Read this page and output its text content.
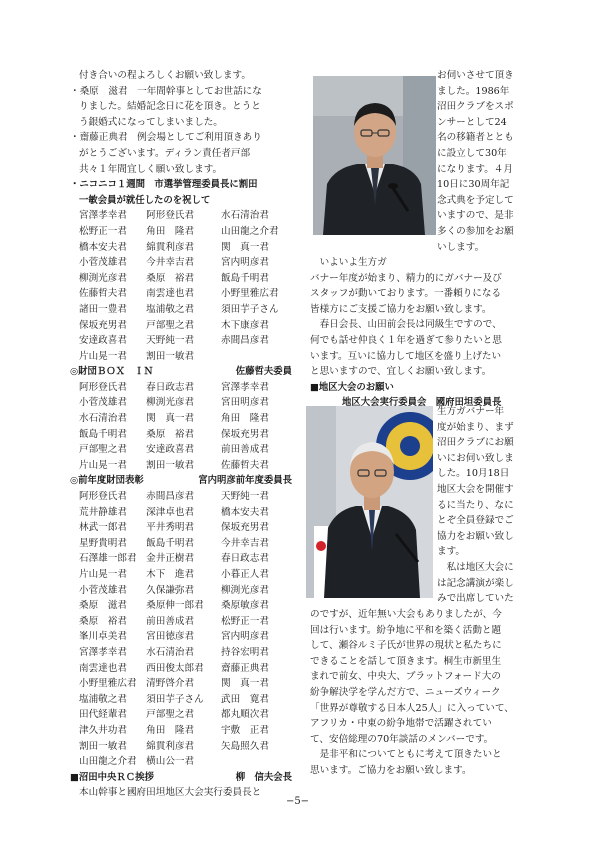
付き合いの程よろしくお願い致します。

・桑原　滋君　一年間幹事としてお世話にな

りました。結婚記念日に花を頂き。とうと

う銀婚式になってしまいました。

・齋藤正典君　例会場としてご利用頂きあり

がとうございます。ディラン責任者戸部

共々１年間宜しく願い致します。

・ニコニコ１週間　市選挙管理委員長に割田
一敏会員が就任したのを祝して
宮澤孝幸君	阿形登氏君	水石清治君
松野正一君	角田　隆君	山田龍之介君
橋本安夫君	綿貫利彦君	関　真一君
小菅茂雄君	今井幸吉君	宮内明彦君
柳渕光彦君	桑原　裕君	飯島千明君
佐藤哲夫君	南雲達也君	小野里雅広君
諸田一豊君	塩浦敬之君	須田芋子さん
保坂充男君	戸部聖之君	木下康彦君
安達政喜君	天野純一君	赤間昌彦君
片山晃一君	割田一敏君
◎財団ＢＯＸ　ＩＮ	佐藤哲夫委員
阿形登氏君	春日政志君	宮澤孝幸君
小菅茂雄君	柳渕光彦君	宮田明彦君
水石清治君	関　真一君	角田　隆君
飯島千明君	桑原　裕君	保坂充男君
戸部聖之君	安達政喜君	前田善成君
片山晃一君	割田一敏君	佐藤哲夫君
◎前年度財団表彰	宮内明彦前年度委員長
阿形登氏君	赤間昌彦君	天野純一君
荒井静雄君	深津卓也君	橋本安夫君
林武一郎君	平井秀明君	保坂充男君
星野貴明君	飯島千明君	今井幸吉君
石澤雄一郎君 金井正樹君	春日政志君
片山晃一君	木下　進君	小暮正人君
小菅茂雄君	久保謙弥君	柳渕光彦君
桑原　滋君	桑原伸一郎君	桑原敏彦君
桑原　裕君	前田善成君	松野正一君
峯川卓美君	宮田徳彦君	宮内明彦君
宮澤孝幸君	水石清治君	持谷宏明君
南雲達也君	西田俊太郎君	齋藤正典君
小野里雅広君 清野啓介君	関　真一君
塩浦敬之君	須田芋子さん	武田　寛君
田代経輩君	戸部聖之君	都丸順次君
津久井功君	角田　隆君	宇敷　正君
割田一敏君	綿貫利彦君	矢島照久君
山田龍之介君 横山公一君
■沼田中央ＲＣ挨拶	柳　信夫会長

本山幹事と國府田坦地区大会実行委員長と

お伺いさせて頂き

ました。1986年

沼田クラブをスポ

ンサーとして24

名の移籍者ととも

に設立して30年

になります。４月

10日に30周年記

念式典を予定して

いますので、是非

多くの参加をお願

いします。

　いよいよ生方ガ

バナー年度が始まり、精力的にガバナー及び

スタッフが動いております。一番頼りになる

皆様方にご支援ご協力をお願い致します。

　春日会長、山田前会長は同級生ですので、

何でも話せ仲良く１年を過ぎて参りたいと思

います。互いに協力して地区を盛り上げたい

と思いますので、宜しくお願い致します。

■地区大会のお願い
地区大会実行委員会　國府田坦委員長

生方ガバナー年

度が始まり、まず

沼田クラブにお願

いにお伺い致しま

した。10月18日

地区大会を開催す

るに当たり、なに

とぞ全員登録でご

協力をお願い致し

ます。

　私は地区大会に

は記念講演が楽し

みで出席していた

のですが、近年無い大会もありましたが、今

回は行います。紛争地に平和を築く活動と題

して、瀬谷ルミ子氏が世界の現状と私たちに

できることを話して頂きます。桐生市新里生

まれで前女、中央大、ブラットフォード大の

紛争解決学を学んだ方で、ニューズウィーク

「世界が尊敬する日本人25人」に入っていて、

アフリカ・中東の紛争地帯で活躍されてい

て、安倍総理の70年談話のメンバーです。

　是非平和についてともに考えて頂きたいと

思います。ご協力をお願い致します。

−5−
